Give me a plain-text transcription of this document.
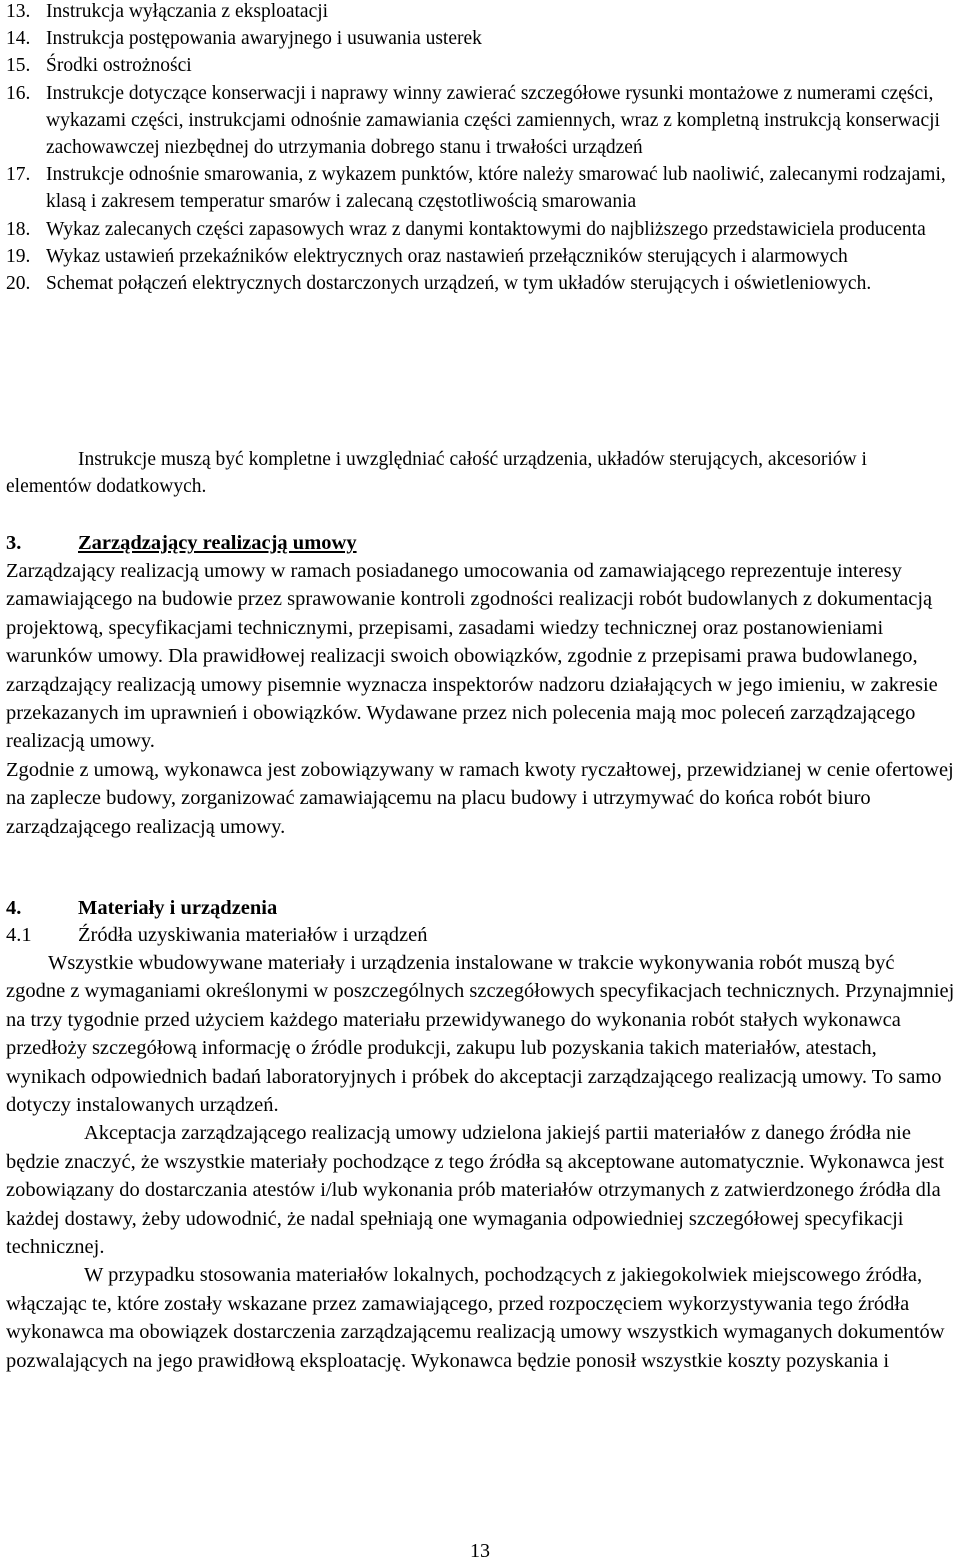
13. Instrukcja wyłączania z eksploatacji
14. Instrukcja postępowania awaryjnego i usuwania usterek
15. Środki ostrożności
16. Instrukcje dotyczące konserwacji i naprawy winny zawierać szczegółowe rysunki montażowe z numerami części, wykazami części, instrukcjami odnośnie zamawiania części zamiennych, wraz z kompletną instrukcją konserwacji zachowawczej niezbędnej do utrzymania dobrego stanu i trwałości urządzeń
17. Instrukcje odnośnie smarowania, z wykazem punktów, które należy smarować lub naoliwić, zalecanymi rodzajami, klasą i zakresem temperatur smarów i zalecaną częstotliwością smarowania
18. Wykaz zalecanych części zapasowych wraz z danymi kontaktowymi do najbliższego przedstawiciela producenta
19. Wykaz ustawień przekaźników elektrycznych oraz nastawień przełączników sterujących i alarmowych
20. Schemat połączeń elektrycznych dostarczonych urządzeń, w tym układów sterujących i oświetleniowych.
Instrukcje muszą być kompletne i uwzględniać całość urządzenia, układów sterujących, akcesoriów i elementów dodatkowych.
3.	Zarządzający realizacją umowy

Zarządzający realizacją umowy w ramach posiadanego umocowania od zamawiającego reprezentuje interesy zamawiającego na budowie przez sprawowanie kontroli zgodności realizacji robót budowlanych z dokumentacją projektową, specyfikacjami technicznymi, przepisami, zasadami wiedzy technicznej oraz postanowieniami warunków umowy. Dla prawidłowej realizacji swoich obowiązków, zgodnie z przepisami prawa budowlanego, zarządzający realizacją umowy pisemnie wyznacza inspektorów nadzoru działających w jego imieniu, w zakresie przekazanych im uprawnień i obowiązków. Wydawane przez nich polecenia mają moc poleceń zarządzającego realizacją umowy.

Zgodnie z umową, wykonawca jest zobowiązywany w ramach kwoty ryczałtowej, przewidzianej w cenie ofertowej na zaplecze budowy, zorganizować zamawiającemu na placu budowy i utrzymywać do końca robót biuro zarządzającego realizacją umowy.

4.	Materiały i urządzenia
4.1	Źródła uzyskiwania materiałów i urządzeń

Wszystkie wbudowywane materiały i urządzenia instalowane w trakcie wykonywania robót muszą być zgodne z wymaganiami określonymi w poszczególnych szczegółowych specyfikacjach technicznych. Przynajmniej na trzy tygodnie przed użyciem każdego materiału przewidywanego do wykonania robót stałych wykonawca przedłoży szczegółową informację o źródle produkcji, zakupu lub pozyskania takich materiałów, atestach, wynikach odpowiednich badań laboratoryjnych i próbek do akceptacji zarządzającego realizacją umowy. To samo dotyczy instalowanych urządzeń.

Akceptacja zarządzającego realizacją umowy udzielona jakiejś partii materiałów z danego źródła nie będzie znaczyć, że wszystkie materiały pochodzące z tego źródła są akceptowane automatycznie. Wykonawca jest zobowiązany do dostarczania atestów i/lub wykonania prób materiałów otrzymanych z zatwierdzonego źródła dla każdej dostawy, żeby udowodnić, że nadal spełniają one wymagania odpowiedniej szczegółowej specyfikacji technicznej.

W przypadku stosowania materiałów lokalnych, pochodzących z jakiegokolwiek miejscowego źródła, włączając te, które zostały wskazane przez zamawiającego, przed rozpoczęciem wykorzystywania tego źródła wykonawca ma obowiązek dostarczenia zarządzającemu realizacją umowy wszystkich wymaganych dokumentów pozwalających na jego prawidłową eksploatację. Wykonawca będzie ponosił wszystkie koszty pozyskania i

13
